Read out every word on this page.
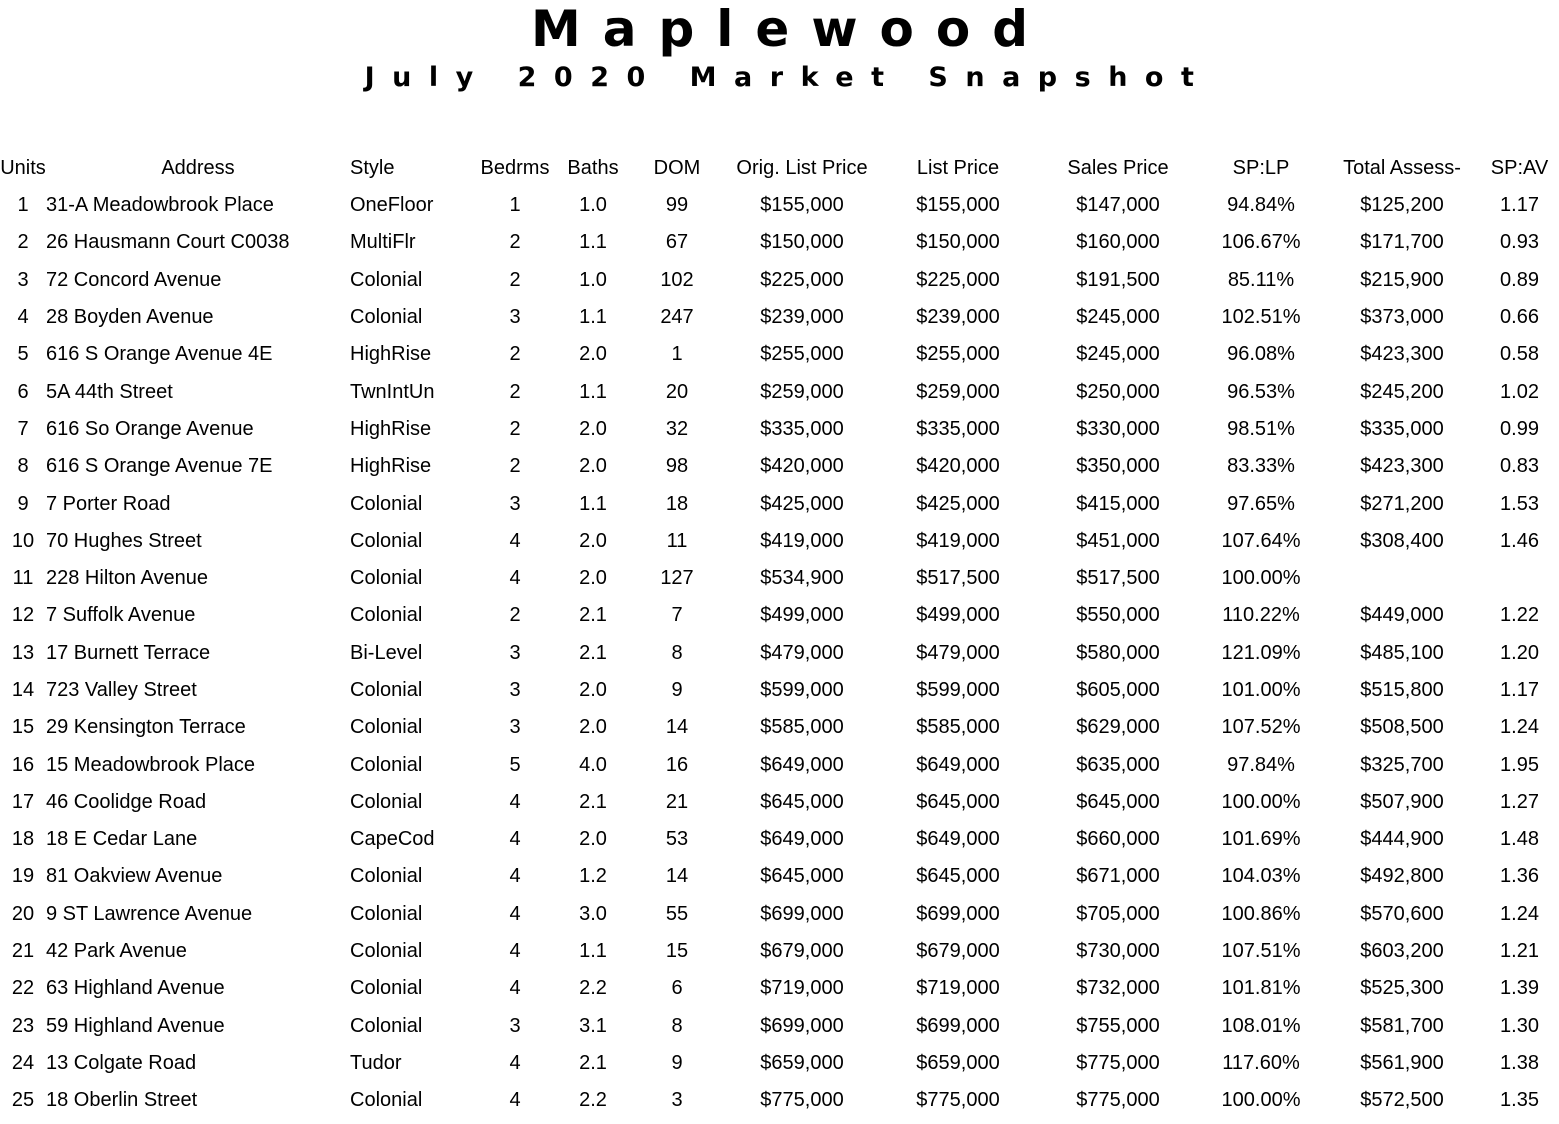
Maplewood
July 2020 Market Snapshot
Units	Address	Style	Bedrms	Baths	DOM	Orig. List Price	List Price	Sales Price	SP:LP	Total Assess-	SP:AV
1	31-A Meadowbrook Place	OneFloor	1	1.0	99	$155,000	$155,000	$147,000	94.84%	$125,200	1.17
2	26 Hausmann Court C0038	MultiFlr	2	1.1	67	$150,000	$150,000	$160,000	106.67%	$171,700	0.93
3	72 Concord Avenue	Colonial	2	1.0	102	$225,000	$225,000	$191,500	85.11%	$215,900	0.89
4	28 Boyden Avenue	Colonial	3	1.1	247	$239,000	$239,000	$245,000	102.51%	$373,000	0.66
5	616 S Orange Avenue 4E	HighRise	2	2.0	1	$255,000	$255,000	$245,000	96.08%	$423,300	0.58
6	5A 44th Street	TwnIntUn	2	1.1	20	$259,000	$259,000	$250,000	96.53%	$245,200	1.02
7	616 So Orange Avenue	HighRise	2	2.0	32	$335,000	$335,000	$330,000	98.51%	$335,000	0.99
8	616 S Orange Avenue 7E	HighRise	2	2.0	98	$420,000	$420,000	$350,000	83.33%	$423,300	0.83
9	7 Porter Road	Colonial	3	1.1	18	$425,000	$425,000	$415,000	97.65%	$271,200	1.53
10	70 Hughes Street	Colonial	4	2.0	11	$419,000	$419,000	$451,000	107.64%	$308,400	1.46
11	228 Hilton Avenue	Colonial	4	2.0	127	$534,900	$517,500	$517,500	100.00%		
12	7 Suffolk Avenue	Colonial	2	2.1	7	$499,000	$499,000	$550,000	110.22%	$449,000	1.22
13	17 Burnett Terrace	Bi-Level	3	2.1	8	$479,000	$479,000	$580,000	121.09%	$485,100	1.20
14	723 Valley Street	Colonial	3	2.0	9	$599,000	$599,000	$605,000	101.00%	$515,800	1.17
15	29 Kensington Terrace	Colonial	3	2.0	14	$585,000	$585,000	$629,000	107.52%	$508,500	1.24
16	15 Meadowbrook Place	Colonial	5	4.0	16	$649,000	$649,000	$635,000	97.84%	$325,700	1.95
17	46 Coolidge Road	Colonial	4	2.1	21	$645,000	$645,000	$645,000	100.00%	$507,900	1.27
18	18 E Cedar Lane	CapeCod	4	2.0	53	$649,000	$649,000	$660,000	101.69%	$444,900	1.48
19	81 Oakview Avenue	Colonial	4	1.2	14	$645,000	$645,000	$671,000	104.03%	$492,800	1.36
20	9 ST Lawrence Avenue	Colonial	4	3.0	55	$699,000	$699,000	$705,000	100.86%	$570,600	1.24
21	42 Park Avenue	Colonial	4	1.1	15	$679,000	$679,000	$730,000	107.51%	$603,200	1.21
22	63 Highland Avenue	Colonial	4	2.2	6	$719,000	$719,000	$732,000	101.81%	$525,300	1.39
23	59 Highland Avenue	Colonial	3	3.1	8	$699,000	$699,000	$755,000	108.01%	$581,700	1.30
24	13 Colgate Road	Tudor	4	2.1	9	$659,000	$659,000	$775,000	117.60%	$561,900	1.38
25	18 Oberlin Street	Colonial	4	2.2	3	$775,000	$775,000	$775,000	100.00%	$572,500	1.35
